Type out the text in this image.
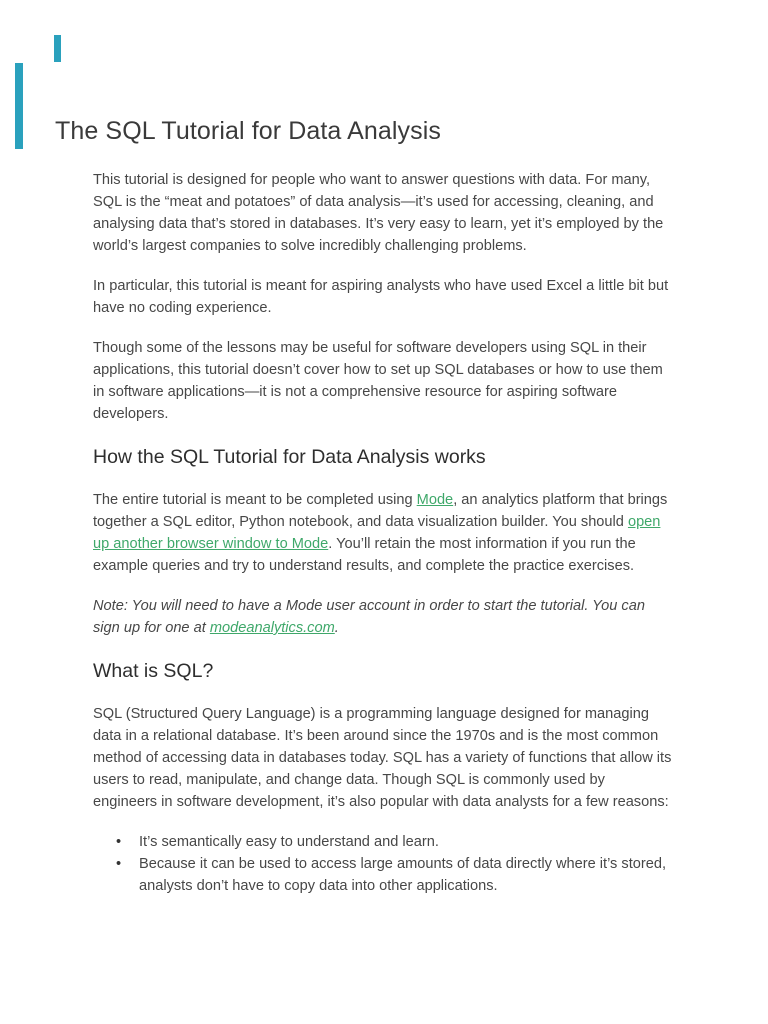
The SQL Tutorial for Data Analysis

This tutorial is designed for people who want to answer questions with data. For many, SQL is the “meat and potatoes” of data analysis—it’s used for accessing, cleaning, and analysing data that’s stored in databases. It’s very easy to learn, yet it’s employed by the world’s largest companies to solve incredibly challenging problems.

In particular, this tutorial is meant for aspiring analysts who have used Excel a little bit but have no coding experience.

Though some of the lessons may be useful for software developers using SQL in their applications, this tutorial doesn’t cover how to set up SQL databases or how to use them in software applications—it is not a comprehensive resource for aspiring software developers.

How the SQL Tutorial for Data Analysis works

The entire tutorial is meant to be completed using Mode, an analytics platform that brings together a SQL editor, Python notebook, and data visualization builder. You should open up another browser window to Mode. You’ll retain the most information if you run the example queries and try to understand results, and complete the practice exercises.

Note: You will need to have a Mode user account in order to start the tutorial. You can sign up for one at modeanalytics.com.

What is SQL?

SQL (Structured Query Language) is a programming language designed for managing data in a relational database. It’s been around since the 1970s and is the most common method of accessing data in databases today. SQL has a variety of functions that allow its users to read, manipulate, and change data. Though SQL is commonly used by engineers in software development, it’s also popular with data analysts for a few reasons:

• It’s semantically easy to understand and learn.
• Because it can be used to access large amounts of data directly where it’s stored, analysts don’t have to copy data into other applications.
